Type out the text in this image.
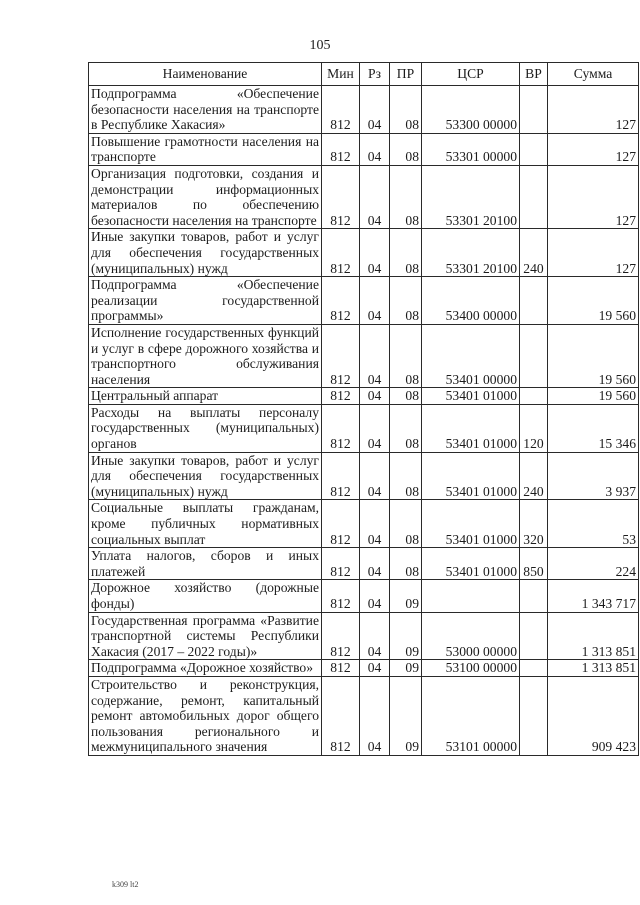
105
Наименование	Мин	Рз	ПР	ЦСР	ВР	Сумма
Подпрограмма «Обеспечение безопасности населения на транспорте в Республике Хакасия»	812	04	08	53300 00000		127
Повышение грамотности населения на транспорте	812	04	08	53301 00000		127
Организация подготовки, создания и демонстрации информационных материалов по обеспечению безопасности населения на транспорте	812	04	08	53301 20100		127
Иные закупки товаров, работ и услуг для обеспечения государственных (муниципальных) нужд	812	04	08	53301 20100	240	127
Подпрограмма «Обеспечение реализации государственной программы»	812	04	08	53400 00000		19 560
Исполнение государственных функций и услуг в сфере дорожного хозяйства и транспортного обслуживания населения	812	04	08	53401 00000		19 560
Центральный аппарат	812	04	08	53401 01000		19 560
Расходы на выплаты персоналу государственных (муниципальных) органов	812	04	08	53401 01000	120	15 346
Иные закупки товаров, работ и услуг для обеспечения государственных (муниципальных) нужд	812	04	08	53401 01000	240	3 937
Социальные выплаты гражданам, кроме публичных нормативных социальных выплат	812	04	08	53401 01000	320	53
Уплата налогов, сборов и иных платежей	812	04	08	53401 01000	850	224
Дорожное хозяйство (дорожные фонды)	812	04	09			1 343 717
Государственная программа «Развитие транспортной системы Республики Хакасия (2017 – 2022 годы)»	812	04	09	53000 00000		1 313 851
Подпрограмма «Дорожное хозяйство»	812	04	09	53100 00000		1 313 851
Строительство и реконструкция, содержание, ремонт, капитальный ремонт автомобильных дорог общего пользования регионального и межмуниципального значения	812	04	09	53101 00000		909 423
k309 lt2
